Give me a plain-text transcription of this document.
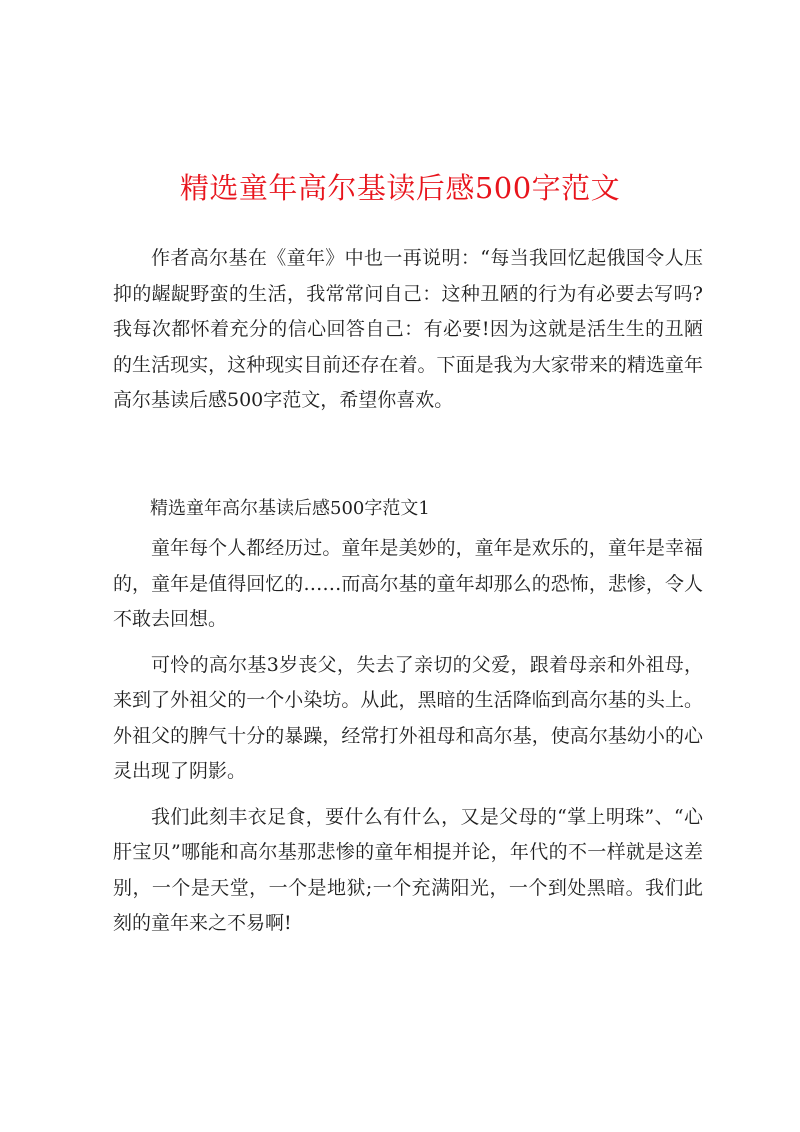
精选童年高尔基读后感500字范文

作者高尔基在《童年》中也一再说明：“每当我回忆起俄国令人压抑的龌龊野蛮的生活，我常常问自己：这种丑陋的行为有必要去写吗?我每次都怀着充分的信心回答自己：有必要!因为这就是活生生的丑陋的生活现实，这种现实目前还存在着。下面是我为大家带来的精选童年高尔基读后感500字范文，希望你喜欢。

精选童年高尔基读后感500字范文1

童年每个人都经历过。童年是美妙的，童年是欢乐的，童年是幸福的，童年是值得回忆的……而高尔基的童年却那么的恐怖，悲惨，令人不敢去回想。

可怜的高尔基3岁丧父，失去了亲切的父爱，跟着母亲和外祖母，来到了外祖父的一个小染坊。从此，黑暗的生活降临到高尔基的头上。外祖父的脾气十分的暴躁，经常打外祖母和高尔基，使高尔基幼小的心灵出现了阴影。

我们此刻丰衣足食，要什么有什么，又是父母的“掌上明珠”、“心肝宝贝”哪能和高尔基那悲惨的童年相提并论，年代的不一样就是这差别，一个是天堂，一个是地狱;一个充满阳光，一个到处黑暗。我们此刻的童年来之不易啊!
